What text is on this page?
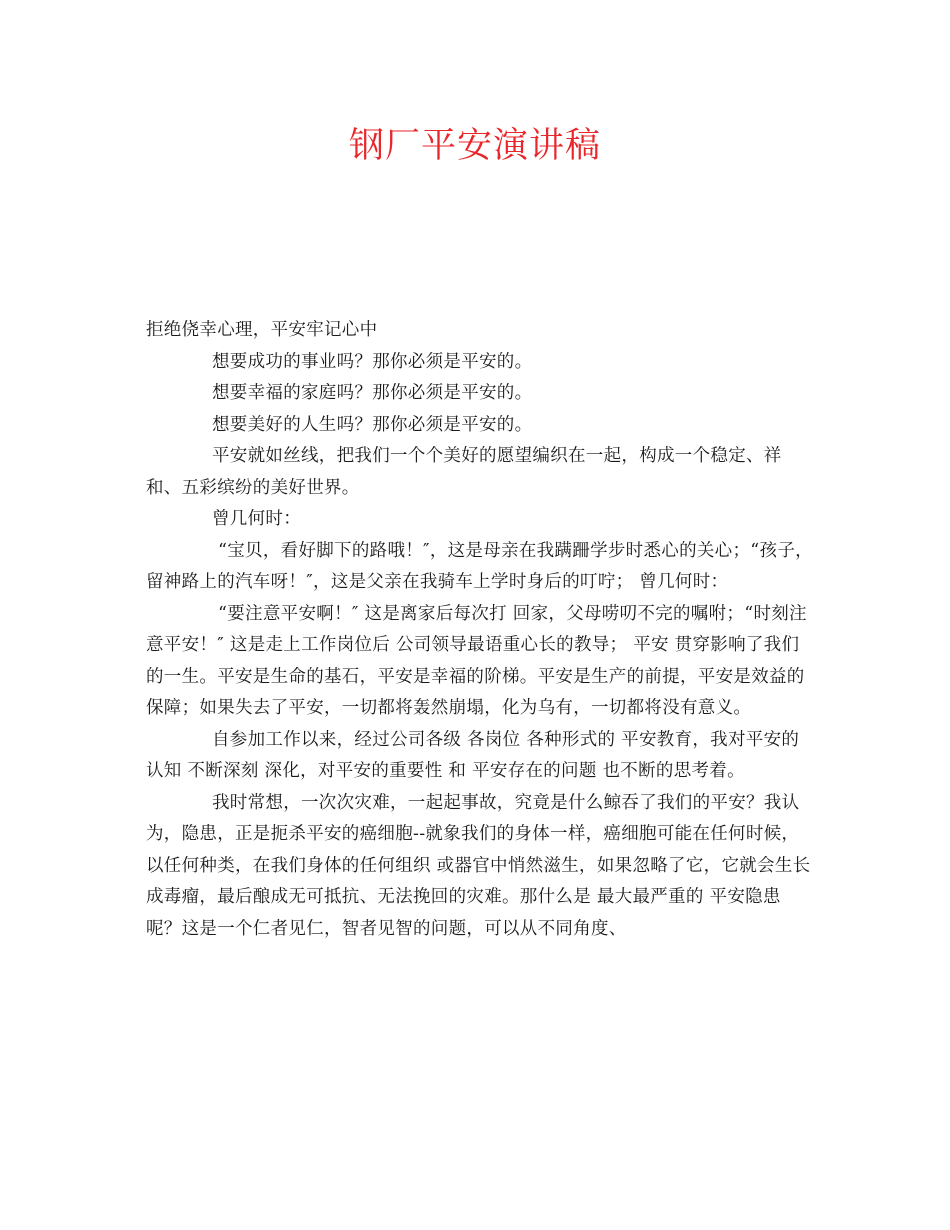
钢厂平安演讲稿

拒绝侥幸心理，平安牢记心中

想要成功的事业吗？那你必须是平安的。

想要幸福的家庭吗？那你必须是平安的。

想要美好的人生吗？那你必须是平安的。

平安就如丝线，把我们一个个美好的愿望编织在一起，构成一个稳定、祥和、五彩缤纷的美好世界。

曾几何时：

“宝贝，看好脚下的路哦！″，这是母亲在我蹒跚学步时悉心的关心；“孩子，留神路上的汽车呀！″，这是父亲在我骑车上学时身后的叮咛； 曾几何时：

“要注意平安啊！″ 这是离家后每次打 回家，父母唠叨不完的嘱咐；“时刻注意平安！″ 这是走上工作岗位后 公司领导最语重心长的教导； 平安 贯穿影响了我们的一生。平安是生命的基石，平安是幸福的阶梯。平安是生产的前提，平安是效益的保障；如果失去了平安，一切都将轰然崩塌，化为乌有，一切都将没有意义。

自参加工作以来，经过公司各级 各岗位 各种形式的 平安教育，我对平安的认知 不断深刻 深化，对平安的重要性 和 平安存在的问题 也不断的思考着。

我时常想，一次次灾难，一起起事故，究竟是什么鲸吞了我们的平安？我认为，隐患，正是扼杀平安的癌细胞--就象我们的身体一样，癌细胞可能在任何时候，以任何种类，在我们身体的任何组织 或器官中悄然滋生，如果忽略了它，它就会生长成毒瘤，最后酿成无可抵抗、无法挽回的灾难。那什么是 最大最严重的 平安隐患呢？这是一个仁者见仁，智者见智的问题，可以从不同角度、
